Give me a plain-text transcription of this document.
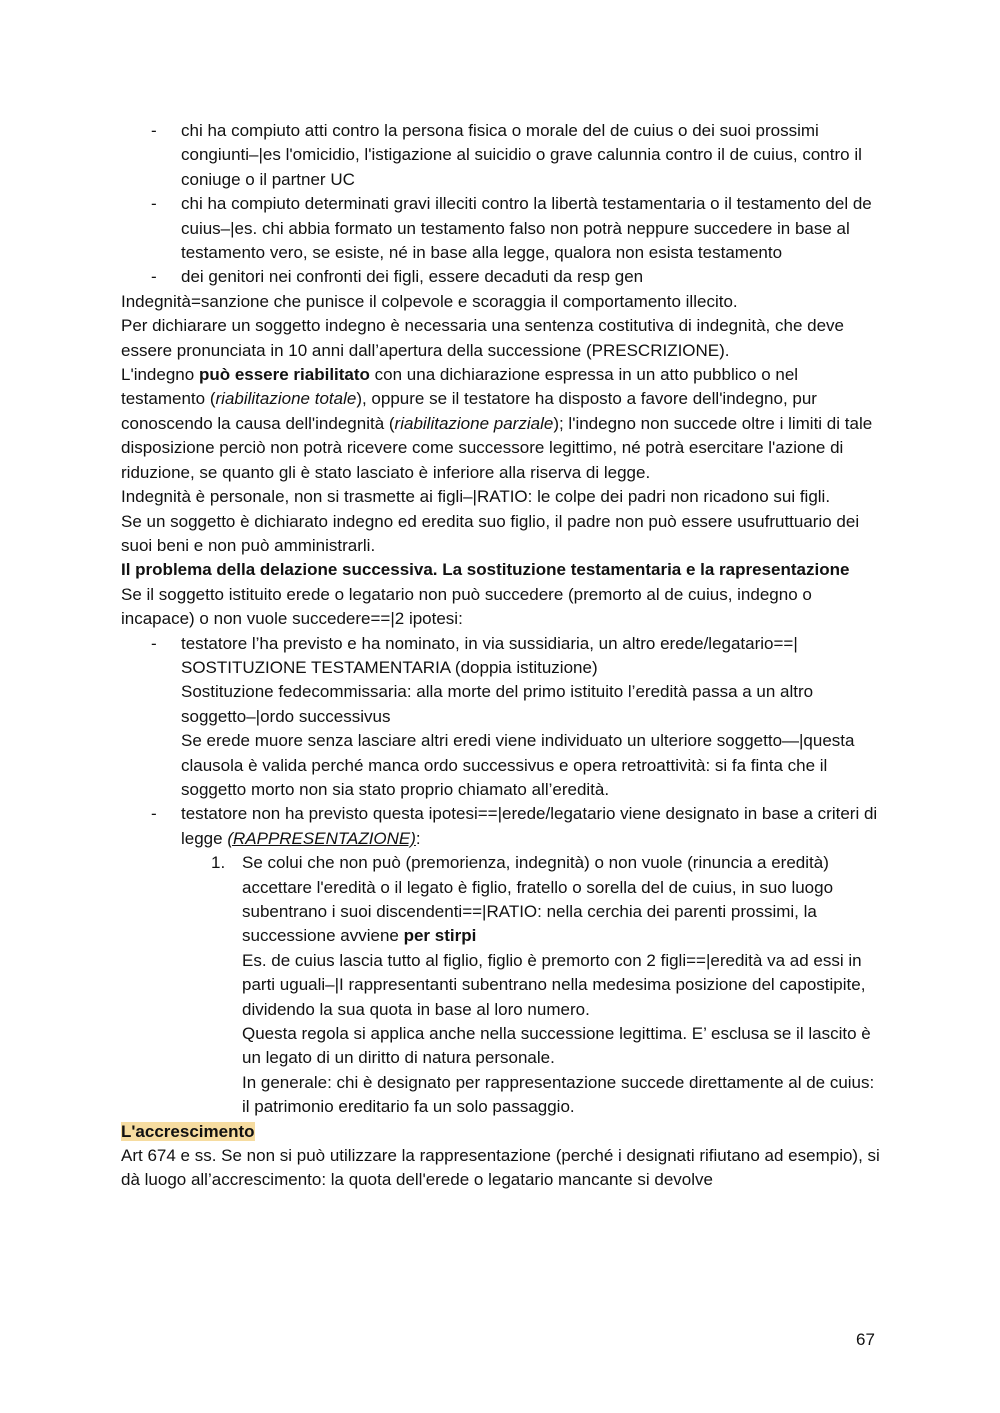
- chi ha compiuto atti contro la persona fisica o morale del de cuius o dei suoi prossimi congiunti–|es l'omicidio, l'istigazione al suicidio o grave calunnia contro il de cuius, contro il coniuge o il partner UC
- chi ha compiuto determinati gravi illeciti contro la libertà testamentaria o il testamento del de cuius–|es. chi abbia formato un testamento falso non potrà neppure succedere in base al testamento vero, se esiste, né in base alla legge, qualora non esista testamento
- dei genitori nei confronti dei figli, essere decaduti da resp gen

Indegnità=sanzione che punisce il colpevole e scoraggia il comportamento illecito.

Per dichiarare un soggetto indegno è necessaria una sentenza costitutiva di indegnità, che deve essere pronunciata in 10 anni dall’apertura della successione (PRESCRIZIONE).

L'indegno può essere riabilitato con una dichiarazione espressa in un atto pubblico o nel testamento (riabilitazione totale), oppure se il testatore ha disposto a favore dell'indegno, pur conoscendo la causa dell'indegnità (riabilitazione parziale); l'indegno non succede oltre i limiti di tale disposizione perciò non potrà ricevere come successore legittimo, né potrà esercitare l'azione di riduzione, se quanto gli è stato lasciato è inferiore alla riserva di legge.

Indegnità è personale, non si trasmette ai figli–|RATIO: le colpe dei padri non ricadono sui figli.

Se un soggetto è dichiarato indegno ed eredita suo figlio, il padre non può essere usufruttuario dei suoi beni e non può amministrarli.

Il problema della delazione successiva. La sostituzione testamentaria e la rapresentazione

Se il soggetto istituito erede o legatario non può succedere (premorto al de cuius, indegno o incapace) o non vuole succedere==|2 ipotesi:

- testatore l’ha previsto e ha nominato, in via sussidiaria, un altro erede/legatario==| SOSTITUZIONE TESTAMENTARIA (doppia istituzione)
Sostituzione fedecommissaria: alla morte del primo istituito l’eredità passa a un altro soggetto–|ordo successivus
Se erede muore senza lasciare altri eredi viene individuato un ulteriore soggetto—|questa clausola è valida perché manca ordo successivus e opera retroattività: si fa finta che il soggetto morto non sia stato proprio chiamato all’eredità.
- testatore non ha previsto questa ipotesi==|erede/legatario viene designato in base a criteri di legge (RAPPRESENTAZIONE):
1. Se colui che non può (premorienza, indegnità) o non vuole (rinuncia a eredità) accettare l'eredità o il legato è figlio, fratello o sorella del de cuius, in suo luogo subentrano i suoi discendenti==|RATIO: nella cerchia dei parenti prossimi, la successione avviene per stirpi
Es. de cuius lascia tutto al figlio, figlio è premorto con 2 figli==|eredità va ad essi in parti uguali–|I rappresentanti subentrano nella medesima posizione del capostipite, dividendo la sua quota in base al loro numero.
Questa regola si applica anche nella successione legittima. E’ esclusa se il lascito è un legato di un diritto di natura personale.
In generale: chi è designato per rappresentazione succede direttamente al de cuius: il patrimonio ereditario fa un solo passaggio.

L'accrescimento

Art 674 e ss. Se non si può utilizzare la rappresentazione (perché i designati rifiutano ad esempio), si dà luogo all’accrescimento: la quota dell'erede o legatario mancante si devolve

67
